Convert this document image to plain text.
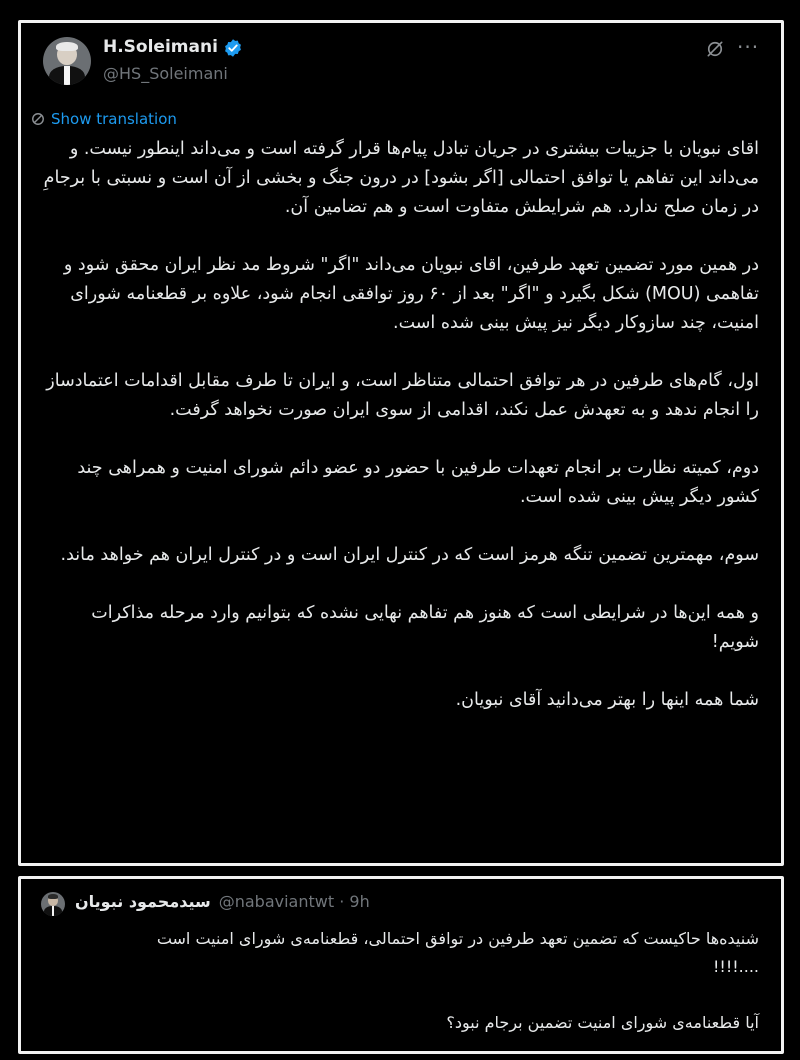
H.Soleimani
@HS_Soleimani
···
Show translation

اقای نبویان با جزییات بیشتری در جریان تبادل پیام‌ها قرار گرفته است و می‌داند اینطور نیست. و می‌داند این تفاهم یا توافق احتمالی [اگر بشود] در درون جنگ و بخشی از آن است و نسبتی با برجامِ در زمان صلح ندارد. هم شرایطش متفاوت است و هم تضامین آن.

در همین مورد تضمین تعهد طرفین، اقای نبویان می‌داند "اگر" شروط مد نظر ایران محقق شود و تفاهمی (MOU) شکل بگیرد و "اگر" بعد از ۶۰ روز توافقی انجام شود، علاوه بر قطعنامه شورای امنیت، چند سازوکار دیگر نیز پیش بینی شده است.

اول، گام‌های طرفین در هر توافق احتمالی متناظر است، و ایران تا طرف مقابل اقدامات اعتمادساز را انجام ندهد و به تعهدش عمل نکند، اقدامی از سوی ایران صورت نخواهد گرفت.

دوم، کمیته نظارت بر انجام تعهدات طرفین با حضور دو عضو دائم شورای امنیت و همراهی چند کشور دیگر پیش بینی شده است.

سوم، مهمترین تضمین تنگه هرمز است که در کنترل ایران است و در کنترل ایران هم خواهد ماند.

و همه این‌ها در شرایطی است که هنوز هم تفاهم نهایی نشده که بتوانیم وارد مرحله مذاکرات شویم!

شما همه اینها را بهتر می‌دانید آقای نبویان.

سیدمحمود نبویان @nabaviantwt · 9h

شنیده‌ها حاکیست که تضمین تعهد طرفین در توافق احتمالی، قطعنامه‌ی شورای امنیت است

!!!!....

آیا قطعنامه‌ی شورای امنیت تضمین برجام نبود؟
